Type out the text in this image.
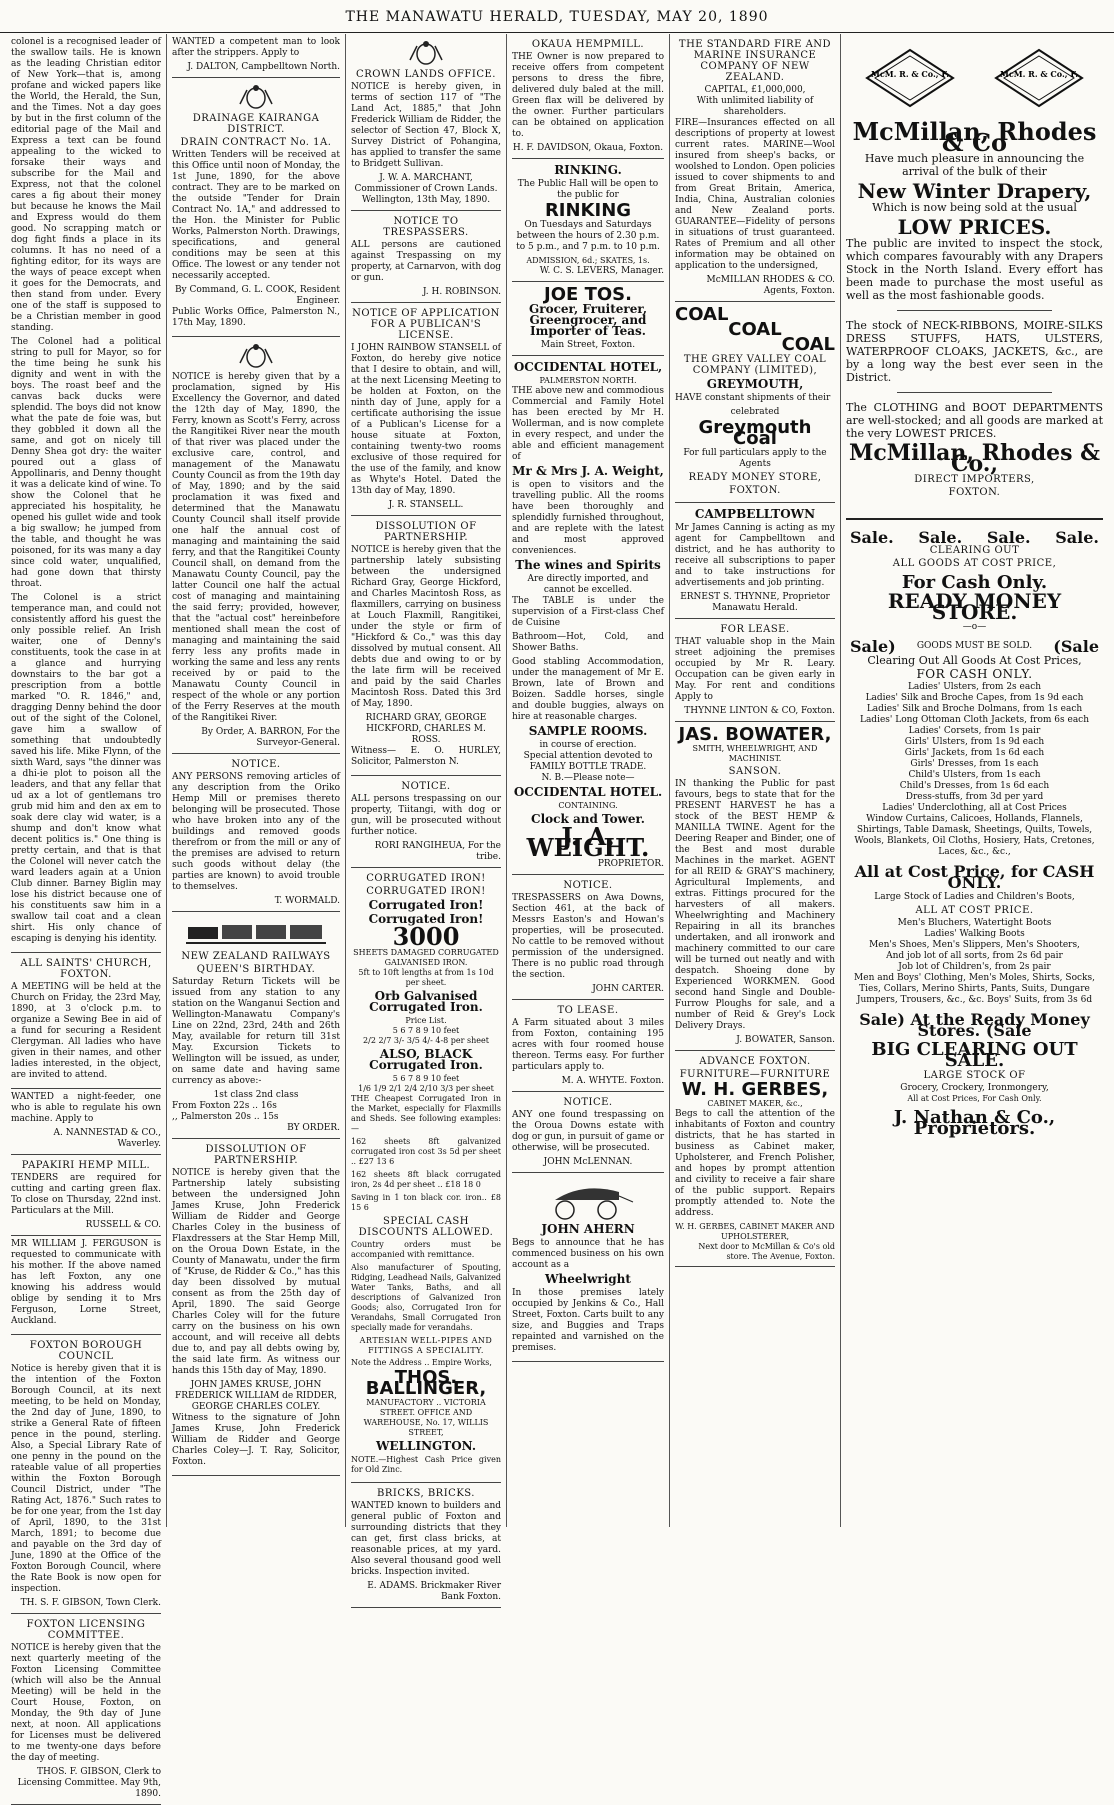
THE MANAWATU HERALD, TUESDAY, MAY 20, 1890

colonel is a recognised leader of the swallow tails. He is known as the leading Christian editor of New York—that is, among profane and wicked papers like the World, the Herald, the Sun, and the Times. Not a day goes by but in the first column of the editorial page of the Mail and Express a text can be found appealing to the wicked to forsake their ways and subscribe for the Mail and Express, not that the colonel cares a fig about their money but because he knows the Mail and Express would do them good. No scrapping match or dog fight finds a place in its columns. It has no need of a fighting editor, for its ways are the ways of peace except when it goes for the Democrats, and then stand from under. Every one of the staff is supposed to be a Christian member in good standing.

The Colonel had a political string to pull for Mayor, so for the time being he sunk his dignity and went in with the boys. The roast beef and the canvas back ducks were splendid. The boys did not know what the pate de foie was, but they gobbled it down all the same, and got on nicely till Denny Shea got dry: the waiter poured out a glass of Appollinaris, and Denny thought it was a delicate kind of wine. To show the Colonel that he appreciated his hospitality, he opened his gullet wide and took a big swallow; he jumped from the table, and thought he was poisoned, for its was many a day since cold water, unqualified, had gone down that thirsty throat.

The Colonel is a strict temperance man, and could not consistently afford his guest the only possible relief. An Irish waiter, one of Denny's constituents, took the case in at a glance and hurrying downstairs to the bar got a prescription from a bottle marked "O. R. 1846," and, dragging Denny behind the door out of the sight of the Colonel, gave him a swallow of something that undoubtedly saved his life. Mike Flynn, of the sixth Ward, says "the dinner was a dhi-ie plot to poison all the leaders, and that any fellar that ud ax a lot of gentlemans tro grub mid him and den ax em to soak dere clay wid water, is a shump and don't know what decent politics is." One thing is pretty certain, and that is that the Colonel will never catch the ward leaders again at a Union Club dinner. Barney Biglin may lose his district because one of his constituents saw him in a swallow tail coat and a clean shirt. His only chance of escaping is denying his identity.

ALL SAINTS' CHURCH, FOXTON.

A MEETING will be held at the Church on Friday, the 23rd May, 1890, at 3 o'clock p.m. to organize a Sewing Bee in aid of a fund for securing a Resident Clergyman. All ladies who have given in their names, and other ladies interested, in the object, are invited to attend.

WANTED a night-feeder, one who is able to regulate his own machine. Apply to

A. NANNESTAD & CO., Waverley.
PAPAKIRI HEMP MILL.

TENDERS are required for cutting and carting green flax. To close on Thursday, 22nd inst. Particulars at the Mill.

RUSSELL & CO.

MR WILLIAM J. FERGUSON is requested to communicate with his mother. If the above named has left Foxton, any one knowing his address would oblige by sending it to Mrs Ferguson, Lorne Street, Auckland.

FOXTON BOROUGH COUNCIL

Notice is hereby given that it is the intention of the Foxton Borough Council, at its next meeting, to be held on Monday, the 2nd day of June, 1890, to strike a General Rate of fifteen pence in the pound, sterling. Also, a Special Library Rate of one penny in the pound on the rateable value of all properties within the Foxton Borough Council District, under "The Rating Act, 1876." Such rates to be for one year, from the 1st day of April, 1890, to the 31st March, 1891; to become due and payable on the 3rd day of June, 1890 at the Office of the Foxton Borough Council, where the Rate Book is now open for inspection.

TH. S. F. GIBSON, Town Clerk.
FOXTON LICENSING COMMITTEE.

NOTICE is hereby given that the next quarterly meeting of the Foxton Licensing Committee (which will also be the Annual Meeting) will be held in the Court House, Foxton, on Monday, the 9th day of June next, at noon. All applications for Licenses must be delivered to me twenty-one days before the day of meeting.

THOS. F. GIBSON, Clerk to Licensing Committee. May 9th, 1890.

WANTED a competent man to look after the strippers. Apply to

J. DALTON, Campbelltown North.
DRAINAGE KAIRANGA DISTRICT.
DRAIN CONTRACT No. 1A.

Written Tenders will be received at this Office until noon of Monday, the 1st June, 1890, for the above contract. They are to be marked on the outside "Tender for Drain Contract No. 1A," and addressed to the Hon. the Minister for Public Works, Palmerston North. Drawings, specifications, and general conditions may be seen at this Office. The lowest or any tender not necessarily accepted.

By Command, G. L. COOK, Resident Engineer.

Public Works Office, Palmerston N., 17th May, 1890.

NOTICE is hereby given that by a proclamation, signed by His Excellency the Governor, and dated the 12th day of May, 1890, the Ferry, known as Scott's Ferry, across the Rangitikei River near the mouth of that river was placed under the exclusive care, control, and management of the Manawatu County Council as from the 19th day of May, 1890; and by the said proclamation it was fixed and determined that the Manawatu County Council shall itself provide one half the annual cost of managing and maintaining the said ferry, and that the Rangitikei County Council shall, on demand from the Manawatu County Council, pay the latter Council one half the actual cost of managing and maintaining the said ferry; provided, however, that the "actual cost" hereinbefore mentioned shall mean the cost of managing and maintaining the said ferry less any profits made in working the same and less any rents received by or paid to the Manawatu County Council in respect of the whole or any portion of the Ferry Reserves at the mouth of the Rangitikei River.

By Order, A. BARRON, For the Surveyor-General.
NOTICE.

ANY PERSONS removing articles of any description from the Oriko Hemp Mill or premises thereto belonging will be prosecuted. Those who have broken into any of the buildings and removed goods therefrom or from the mill or any of the premises are advised to return such goods without delay (the parties are known) to avoid trouble to themselves.

T. WORMALD.
NEW ZEALAND RAILWAYS
QUEEN'S BIRTHDAY.

Saturday Return Tickets will be issued from any station to any station on the Wanganui Section and Wellington-Manawatu Company's Line on 22nd, 23rd, 24th and 26th May, available for return till 31st May. Excursion Tickets to Wellington will be issued, as under, on same date and having same currency as above:-

1st class 2nd class
From Foxton 22s .. 16s
,, Palmerston 20s .. 15s
BY ORDER.
DISSOLUTION OF PARTNERSHIP.

NOTICE is hereby given that the Partnership lately subsisting between the undersigned John James Kruse, John Frederick William de Ridder and George Charles Coley in the business of Flaxdressers at the Star Hemp Mill, on the Oroua Down Estate, in the County of Manawatu, under the firm of "Kruse, de Ridder & Co.," has this day been dissolved by mutual consent as from the 25th day of April, 1890. The said George Charles Coley will for the future carry on the business on his own account, and will receive all debts due to, and pay all debts owing by, the said late firm. As witness our hands this 15th day of May, 1890.

JOHN JAMES KRUSE, JOHN FREDERICK WILLIAM de RIDDER, GEORGE CHARLES COLEY.

Witness to the signature of John James Kruse, John Frederick William de Ridder and George Charles Coley—J. T. Ray, Solicitor, Foxton.

CROWN LANDS OFFICE.

NOTICE is hereby given, in terms of section 117 of "The Land Act, 1885," that John Frederick William de Ridder, the selector of Section 47, Block X, Survey District of Pohangina, has applied to transfer the same to Bridgett Sullivan.

J. W. A. MARCHANT, Commissioner of Crown Lands. Wellington, 13th May, 1890.
NOTICE TO TRESPASSERS.

ALL persons are cautioned against Trespassing on my property, at Carnarvon, with dog or gun.

J. H. ROBINSON.
NOTICE OF APPLICATION FOR A PUBLICAN'S LICENSE.

I JOHN RAINBOW STANSELL of Foxton, do hereby give notice that I desire to obtain, and will, at the next Licensing Meeting to be holden at Foxton, on the ninth day of June, apply for a certificate authorising the issue of a Publican's License for a house situate at Foxton, containing twenty-two rooms exclusive of those required for the use of the family, and know as Whyte's Hotel. Dated the 13th day of May, 1890.

J. R. STANSELL.
DISSOLUTION OF PARTNERSHIP.

NOTICE is hereby given that the partnership lately subsisting between the undersigned Richard Gray, George Hickford, and Charles Macintosh Ross, as flaxmillers, carrying on business at Louch Flaxmill, Rangitikei, under the style or firm of "Hickford & Co.," was this day dissolved by mutual consent. All debts due and owing to or by the late firm will be received and paid by the said Charles Macintosh Ross. Dated this 3rd of May, 1890.

RICHARD GRAY, GEORGE HICKFORD, CHARLES M. ROSS.

Witness— E. O. HURLEY, Solicitor, Palmerston N.

NOTICE.

ALL persons trespassing on our property, Tiitangi, with dog or gun, will be prosecuted without further notice.

RORI RANGIHEUA, For the tribe.
CORRUGATED IRON!
CORRUGATED IRON!
Corrugated Iron!
Corrugated Iron!
3000
SHEETS DAMAGED CORRUGATED GALVANISED IRON.
5ft to 10ft lengths at from 1s 10d per sheet.
Orb Galvanised Corrugated Iron.
Price List.
5 6 7 8 9 10 feet
2/2 2/7 3/- 3/5 4/- 4-8 per sheet
ALSO, BLACK Corrugated Iron.
5 6 7 8 9 10 feet
1/6 1/9 2/1 2/4 2/10 3/3 per sheet

THE Cheapest Corrugated Iron in the Market, especially for Flaxmills and Sheds. See following examples:—

162 sheets 8ft galvanized corrugated iron cost 3s 5d per sheet .. £27 13 6

162 sheets 8ft black corrugated iron, 2s 4d per sheet .. £18 18 0

Saving in 1 ton black cor. iron.. £8 15 6

SPECIAL CASH DISCOUNTS ALLOWED.

Country orders must be accompanied with remittance.

Also manufacturer of Spouting, Ridging, Leadhead Nails, Galvanized Water Tanks, Baths, and all descriptions of Galvanized Iron Goods; also, Corrugated Iron for Verandahs, Small Corrugated Iron specially made for verandahs.

ARTESIAN WELL-PIPES AND FITTINGS A SPECIALITY.
Note the Address .. Empire Works,
THOS. BALLINGER,
MANUFACTORY .. VICTORIA STREET. OFFICE AND WAREHOUSE, No. 17, WILLIS STREET,
WELLINGTON.

NOTE.—Highest Cash Price given for Old Zinc.

BRICKS, BRICKS.

WANTED known to builders and general public of Foxton and surrounding districts that they can get, first class bricks, at reasonable prices, at my yard. Also several thousand good well bricks. Inspection invited.

E. ADAMS. Brickmaker River Bank Foxton.
OKAUA HEMPMILL.

THE Owner is now prepared to receive offers from competent persons to dress the fibre, delivered duly baled at the mill. Green flax will be delivered by the owner. Further particulars can be obtained on application to.

H. F. DAVIDSON, Okaua, Foxton.
RINKING.
The Public Hall will be open to the public for
RINKING

On Tuesdays and Saturdays between the hours of 2.30 p.m. to 5 p.m., and 7 p.m. to 10 p.m.

ADMISSION, 6d.; SKATES, 1s.
W. C. S. LEVERS, Manager.
JOE TOS.
Grocer, Fruiterer, Greengrocer, and Importer of Teas.
Main Street, Foxton.
OCCIDENTAL HOTEL,
PALMERSTON NORTH.

THE above new and commodious Commercial and Family Hotel has been erected by Mr H. Wollerman, and is now complete in every respect, and under the able and efficient management of

Mr & Mrs J. A. Weight,

is open to visitors and the travelling public. All the rooms have been thoroughly and splendidly furnished throughout, and are replete with the latest and most approved conveniences.

The wines and Spirits
Are directly imported, and cannot be excelled.

The TABLE is under the supervision of a First-class Chef de Cuisine

Bathroom—Hot, Cold, and Shower Baths.

Good stabling Accommodation, under the management of Mr E. Brown, late of Brown and Boizen. Saddle horses, single and double buggies, always on hire at reasonable charges.

SAMPLE ROOMS.
in course of erection.
Special attention devoted to FAMILY BOTTLE TRADE.
N. B.—Please note—
OCCIDENTAL HOTEL.
CONTAINING.
Clock and Tower.
J. A. WEIGHT.
PROPRIETOR.
NOTICE.

TRESPASSERS on Awa Downs, Section 461, at the back of Messrs Easton's and Howan's properties, will be prosecuted. No cattle to be removed without permission of the undersigned. There is no public road through the section.

JOHN CARTER.
TO LEASE.

A Farm situated about 3 miles from Foxton, containing 195 acres with four roomed house thereon. Terms easy. For further particulars apply to.

M. A. WHYTE. Foxton.
NOTICE.

ANY one found trespassing on the Oroua Downs estate with dog or gun, in pursuit of game or otherwise, will be prosecuted.

JOHN McLENNAN.
JOHN AHERN

Begs to announce that he has commenced business on his own account as a

Wheelwright

In those premises lately occupied by Jenkins & Co., Hall Street, Foxton. Carts built to any size, and Buggies and Traps repainted and varnished on the premises.

THE STANDARD FIRE AND MARINE INSURANCE COMPANY OF NEW ZEALAND.
CAPITAL, £1,000,000,
With unlimited liability of shareholders.

FIRE—Insurances effected on all descriptions of property at lowest current rates. MARINE—Wool insured from sheep's backs, or woolshed to London. Open policies issued to cover shipments to and from Great Britain, America, India, China, Australian colonies and New Zealand ports. GUARANTEE—Fidelity of persons in situations of trust guaranteed. Rates of Premium and all other information may be obtained on application to the undersigned,

McMILLAN RHODES & CO. Agents, Foxton.
COAL
COAL
COAL
THE GREY VALLEY COAL COMPANY (LIMITED),
GREYMOUTH,

HAVE constant shipments of their

celebrated
Greymouth Coal
For full particulars apply to the Agents
READY MONEY STORE,
FOXTON.
CAMPBELLTOWN

Mr James Canning is acting as my agent for Campbelltown and district, and he has authority to receive all subscriptions to paper and to take instructions for advertisements and job printing.

ERNEST S. THYNNE, Proprietor Manawatu Herald.
FOR LEASE.

THAT valuable shop in the Main street adjoining the premises occupied by Mr R. Leary. Occupation can be given early in May. For rent and conditions Apply to

THYNNE LINTON & CO, Foxton.
JAS. BOWATER,
SMITH, WHEELWRIGHT, AND MACHINIST.
SANSON.

IN thanking the Public for past favours, begs to state that for the PRESENT HARVEST he has a stock of the BEST HEMP & MANILLA TWINE. Agent for the Deering Reaper and Binder, one of the Best and most durable Machines in the market. AGENT for all REID & GRAY'S machinery, Agricultural Implements, and extras. Fittings procured for the harvesters of all makers. Wheelwrighting and Machinery Repairing in all its branches undertaken, and all ironwork and machinery committed to our care will be turned out neatly and with despatch. Shoeing done by Experienced WORKMEN. Good second hand Single and Double-Furrow Ploughs for sale, and a number of Reid & Grey's Lock Delivery Drays.

J. BOWATER, Sanson.
ADVANCE FOXTON.
FURNITURE—FURNITURE
W. H. GERBES,
CABINET MAKER, &c.,

Begs to call the attention of the inhabitants of Foxton and country districts, that he has started in business as Cabinet maker, Upholsterer, and French Polisher, and hopes by prompt attention and civility to receive a fair share of the public support. Repairs promptly attended to. Note the address.

W. H. GERBES, CABINET MAKER AND UPHOLSTERER,
Next door to McMillan & Co's old store. The Avenue, Foxton.
McM. R. & Co., F.	McM. R. & Co., F.
McMillan, Rhodes & Co
Have much pleasure in announcing the arrival of the bulk of their
New Winter Drapery,
Which is now being sold at the usual
LOW PRICES.

The public are invited to inspect the stock, which compares favourably with any Drapers Stock in the North Island. Every effort has been made to purchase the most useful as well as the most fashionable goods.

The stock of NECK-RIBBONS, MOIRE-SILKS DRESS STUFFS, HATS, ULSTERS, WATERPROOF CLOAKS, JACKETS, &c., are by a long way the best ever seen in the District.

The CLOTHING and BOOT DEPARTMENTS are well-stocked; and all goods are marked at the very LOWEST PRICES.

McMillan, Rhodes & Co.,
DIRECT IMPORTERS,
FOXTON.
Sale. Sale. Sale. Sale.
CLEARING OUT
ALL GOODS AT COST PRICE,
For Cash Only.
READY MONEY STORE.
—o—
Sale) GOODS MUST BE SOLD. (Sale
Clearing Out All Goods At Cost Prices,
FOR CASH ONLY.
Ladies' Ulsters, from 2s each
Ladies' Silk and Broche Capes, from 1s 9d each
Ladies' Silk and Broche Dolmans, from 1s each
Ladies' Long Ottoman Cloth Jackets, from 6s each
Ladies' Corsets, from 1s pair
Girls' Ulsters, from 1s 9d each
Girls' Jackets, from 1s 6d each
Girls' Dresses, from 1s each
Child's Ulsters, from 1s each
Child's Dresses, from 1s 6d each
Dress-stuffs, from 3d per yard
Ladies' Underclothing, all at Cost Prices
Window Curtains, Calicoes, Hollands, Flannels, Shirtings, Table Damask, Sheetings, Quilts, Towels, Wools, Blankets, Oil Cloths, Hosiery, Hats, Cretones, Laces, &c., &c.,
All at Cost Price, for CASH ONLY.
Large Stock of Ladies and Children's Boots,
ALL AT COST PRICE.
Men's Bluchers, Watertight Boots
Ladies' Walking Boots
Men's Shoes, Men's Slippers, Men's Shooters,
And job lot of all sorts, from 2s 6d pair
Job lot of Children's, from 2s pair
Men and Boys' Clothing, Men's Moles, Shirts, Socks, Ties, Collars, Merino Shirts, Pants, Suits, Dungare Jumpers, Trousers, &c., &c. Boys' Suits, from 3s 6d
Sale) At the Ready Money Stores. (Sale
BIG CLEARING OUT SALE.
LARGE STOCK OF
Grocery, Crockery, Ironmongery,
All at Cost Prices, For Cash Only.
J. Nathan & Co., Proprietors.
